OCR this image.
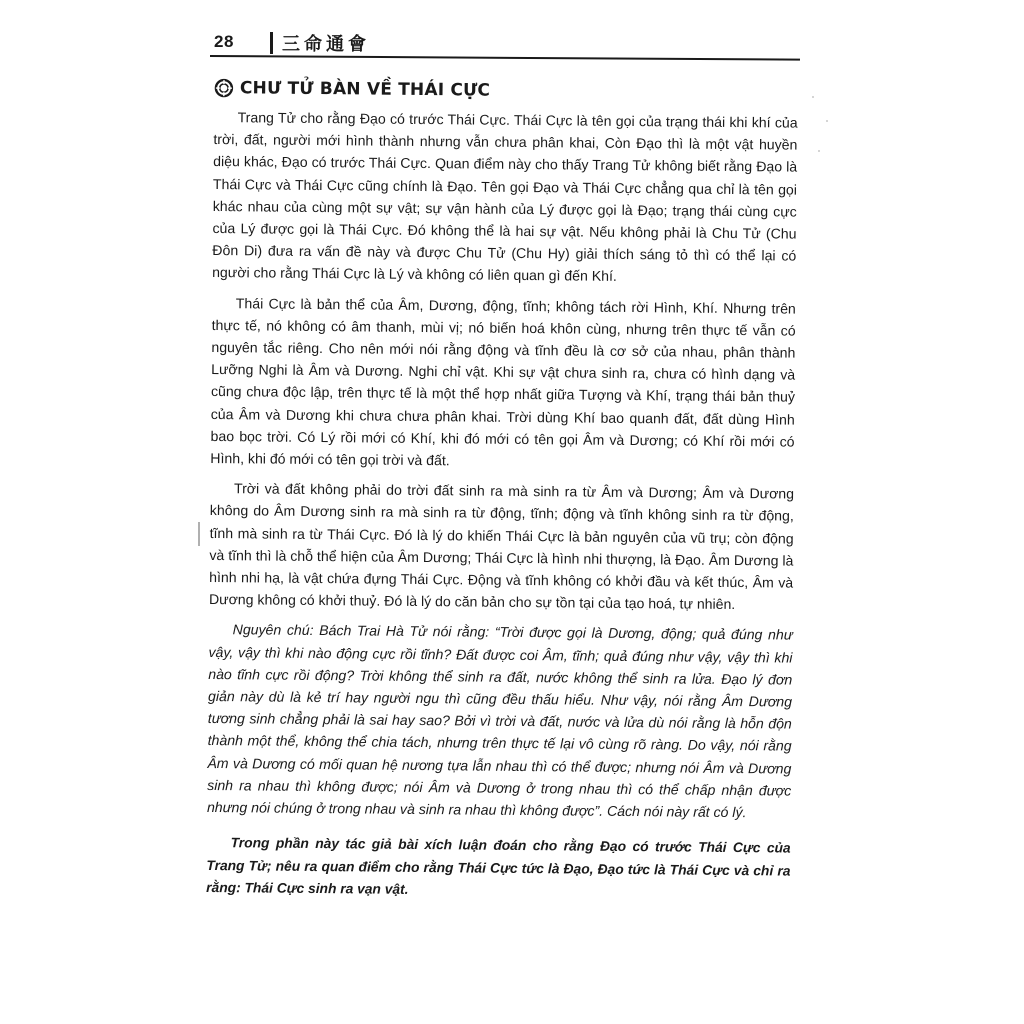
28	三命通會
CHƯ TỬ BÀN VỀ THÁI CỰC

Trang Tử cho rằng Đạo có trước Thái Cực. Thái Cực là tên gọi của trạng thái khi khí của trời, đất, người mới hình thành nhưng vẫn chưa phân khai, Còn Đạo thì là một vật huyền diệu khác, Đạo có trước Thái Cực. Quan điểm này cho thấy Trang Tử không biết rằng Đạo là Thái Cực và Thái Cực cũng chính là Đạo. Tên gọi Đạo và Thái Cực chẳng qua chỉ là tên gọi khác nhau của cùng một sự vật; sự vận hành của Lý được gọi là Đạo; trạng thái cùng cực của Lý được gọi là Thái Cực. Đó không thể là hai sự vật. Nếu không phải là Chu Tử (Chu Đôn Di) đưa ra vấn đề này và được Chu Tử (Chu Hy) giải thích sáng tỏ thì có thể lại có người cho rằng Thái Cực là Lý và không có liên quan gì đến Khí.

Thái Cực là bản thể của Âm, Dương, động, tĩnh; không tách rời Hình, Khí. Nhưng trên thực tế, nó không có âm thanh, mùi vị; nó biến hoá khôn cùng, nhưng trên thực tế vẫn có nguyên tắc riêng. Cho nên mới nói rằng động và tĩnh đều là cơ sở của nhau, phân thành Lưỡng Nghi là Âm và Dương. Nghi chỉ vật. Khi sự vật chưa sinh ra, chưa có hình dạng và cũng chưa độc lập, trên thực tế là một thể hợp nhất giữa Tượng và Khí, trạng thái bản thuỷ của Âm và Dương khi chưa chưa phân khai. Trời dùng Khí bao quanh đất, đất dùng Hình bao bọc trời. Có Lý rồi mới có Khí, khi đó mới có tên gọi Âm và Dương; có Khí rồi mới có Hình, khi đó mới có tên gọi trời và đất.

Trời và đất không phải do trời đất sinh ra mà sinh ra từ Âm và Dương; Âm và Dương không do Âm Dương sinh ra mà sinh ra từ động, tĩnh; động và tĩnh không sinh ra từ động, tĩnh mà sinh ra từ Thái Cực. Đó là lý do khiến Thái Cực là bản nguyên của vũ trụ; còn động và tĩnh thì là chỗ thể hiện của Âm Dương; Thái Cực là hình nhi thượng, là Đạo. Âm Dương là hình nhi hạ, là vật chứa đựng Thái Cực. Động và tĩnh không có khởi đầu và kết thúc, Âm và Dương không có khởi thuỷ. Đó là lý do căn bản cho sự tồn tại của tạo hoá, tự nhiên.

Nguyên chú: Bách Trai Hà Tử nói rằng: “Trời được gọi là Dương, động; quả đúng như vậy, vậy thì khi nào động cực rồi tĩnh? Đất được coi Âm, tĩnh; quả đúng như vậy, vậy thì khi nào tĩnh cực rồi động? Trời không thể sinh ra đất, nước không thể sinh ra lửa. Đạo lý đơn giản này dù là kẻ trí hay người ngu thì cũng đều thấu hiểu. Như vậy, nói rằng Âm Dương tương sinh chẳng phải là sai hay sao? Bởi vì trời và đất, nước và lửa dù nói rằng là hỗn độn thành một thể, không thể chia tách, nhưng trên thực tế lại vô cùng rõ ràng. Do vậy, nói rằng Âm và Dương có mối quan hệ nương tựa lẫn nhau thì có thể được; nhưng nói Âm và Dương sinh ra nhau thì không được; nói Âm và Dương ở trong nhau thì có thể chấp nhận được nhưng nói chúng ở trong nhau và sinh ra nhau thì không được”. Cách nói này rất có lý.

Trong phần này tác giả bài xích luận đoán cho rằng Đạo có trước Thái Cực của Trang Tử; nêu ra quan điểm cho rằng Thái Cực tức là Đạo, Đạo tức là Thái Cực và chỉ ra rằng: Thái Cực sinh ra vạn vật.
